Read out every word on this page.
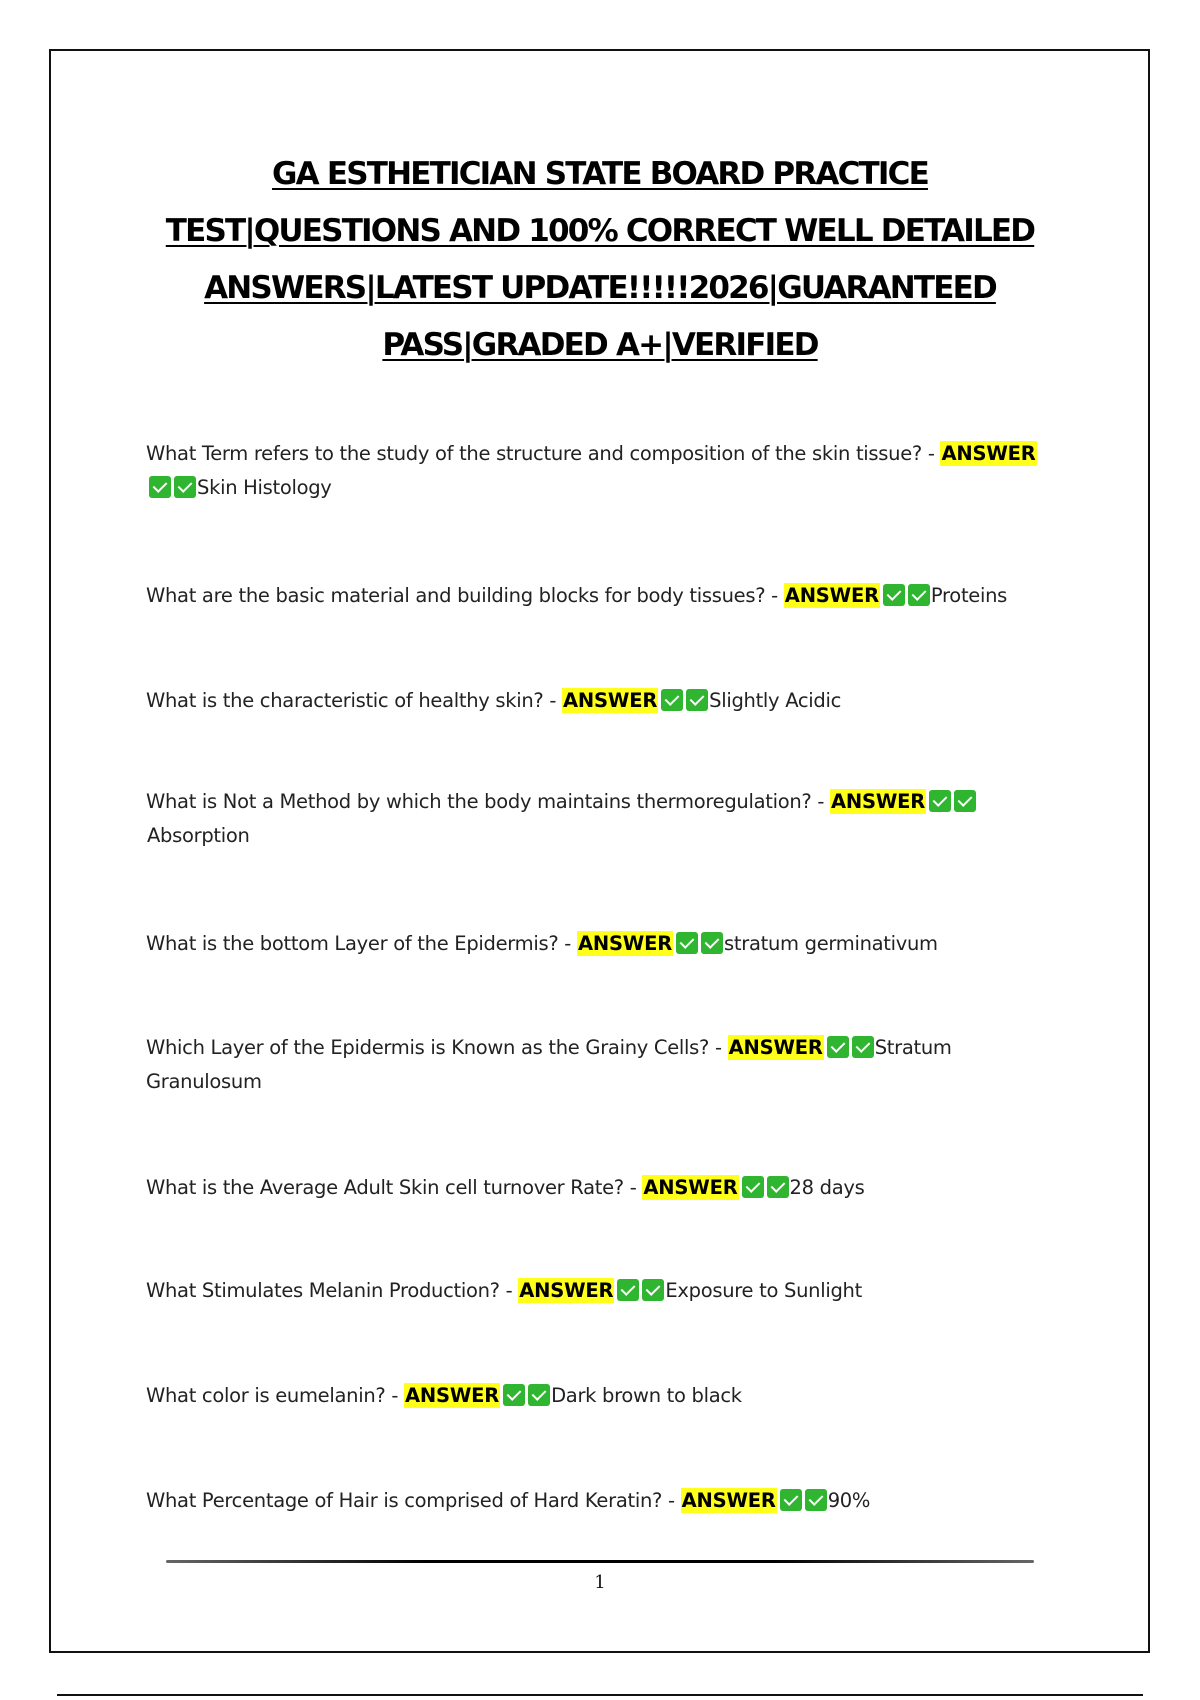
GA ESTHETICIAN STATE BOARD PRACTICE
TEST|QUESTIONS AND 100% CORRECT WELL DETAILED
ANSWERS|LATEST UPDATE!!!!!2026|GUARANTEED
PASS|GRADED A+|VERIFIED
What Term refers to the study of the structure and composition of the skin tissue? - ANSWERSkin Histology
What are the basic material and building blocks for body tissues? - ANSWER	Proteins
What is the characteristic of healthy skin? - ANSWER	Slightly Acidic
What is Not a Method by which the body maintains thermoregulation? - ANSWERAbsorption
What is the bottom Layer of the Epidermis? - ANSWER	stratum germinativum
Which Layer of the Epidermis is Known as the Grainy Cells? - ANSWER	Stratum Granulosum
What is the Average Adult Skin cell turnover Rate? - ANSWER	28 days
What Stimulates Melanin Production? - ANSWER	Exposure to Sunlight
What color is eumelanin? - ANSWER	Dark brown to black
What Percentage of Hair is comprised of Hard Keratin? - ANSWER	90%
1
